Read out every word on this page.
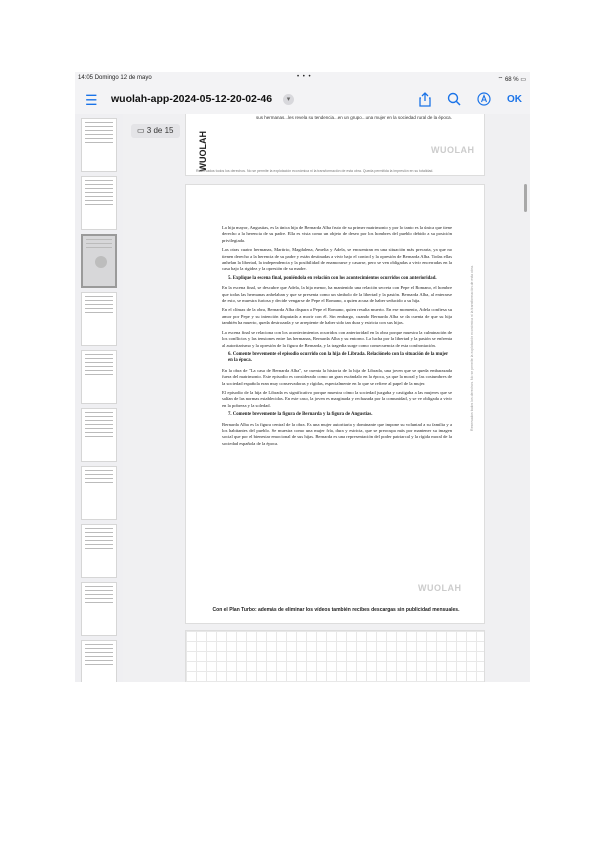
14:05 Domingo 12 de mayo	• • •	⌔ 68 % ▭
☰ wuolah-app-2024-05-12-20-02-46	▾	OK
▭ 3 de 15
WUOLAH
sus hermanas...les revela su tendencia...en un grupo...una mujer en la sociedad rural de la época.
WUOLAH
Reservados todos los derechos. No se permite la explotación económica ni la transformación de esta obra. Queda permitida la impresión en su totalidad.

La hija mayor, Angustias, es la única hija de Bernarda Alba fruto de su primer matrimonio y por lo tanto es la única que tiene derecho a la herencia de su padre. Ella es vista como un objeto de deseo por los hombres del pueblo debido a su posición privilegiada.

Las otras cuatro hermanas, Martirio, Magdalena, Amelia y Adela, se encuentran en una situación más precaria, ya que no tienen derecho a la herencia de su padre y están destinadas a vivir bajo el control y la opresión de Bernarda Alba. Todas ellas anhelan la libertad, la independencia y la posibilidad de enamorarse y casarse, pero se ven obligadas a vivir encerradas en la casa bajo la rigidez y la opresión de su madre.

5. Explique la escena final, poniéndola en relación con los acontecimientos ocurridos con anterioridad.

En la escena final, se descubre que Adela, la hija menor, ha mantenido una relación secreta con Pepe el Romano, el hombre que todas las hermanas anhelaban y que se presenta como un símbolo de la libertad y la pasión. Bernarda Alba, al enterarse de esto, se muestra furiosa y decide vengarse de Pepe el Romano, a quien acusa de haber seducido a su hija.

En el clímax de la obra, Bernarda Alba dispara a Pepe el Romano, quien resulta muerto. En ese momento, Adela confiesa su amor por Pepe y su intención disputada a morir con él. Sin embargo, cuando Bernarda Alba se da cuenta de que su hija también ha muerto, queda destrozada y se arrepiente de haber sido tan dura y estricta con sus hijas.

La escena final se relaciona con los acontecimientos ocurridos con anterioridad en la obra porque muestra la culminación de los conflictos y las tensiones entre las hermanas, Bernarda Alba y su entorno. La lucha por la libertad y la pasión se enfrenta al autoritarismo y la opresión de la figura de Bernarda, y la tragedia surge como consecuencia de esta confrontación.

6. Comente brevemente el episodio ocurrido con la hija de Librada. Relaciónelo con la situación de la mujer en la época.

En la obra de "La casa de Bernarda Alba", se cuenta la historia de la hija de Librada, una joven que se queda embarazada fuera del matrimonio. Este episodio es considerado como un gran escándalo en la época, ya que la moral y las costumbres de la sociedad española eran muy conservadoras y rígidas, especialmente en lo que se refiere al papel de la mujer.

El episodio de la hija de Librada es significativo porque muestra cómo la sociedad juzgaba y castigaba a las mujeres que se salían de las normas establecidas. En este caso, la joven es marginada y rechazada por la comunidad, y se ve obligada a vivir en la pobreza y la soledad.

7. Comente brevemente la figura de Bernarda y la figura de Angustias.

Bernarda Alba es la figura central de la obra. Es una mujer autoritaria y dominante que impone su voluntad a su familia y a los habitantes del pueblo. Se muestra como una mujer fría, dura y estricta, que se preocupa más por mantener su imagen social que por el bienestar emocional de sus hijas. Bernarda es una representación del poder patriarcal y la rígida moral de la sociedad española de la época.

Reservados todos los derechos. No se permite la explotación económica ni la transformación de esta obra.
WUOLAH
Con el Plan Turbo: además de eliminar los vídeos también recibes descargas sin publicidad mensuales.
